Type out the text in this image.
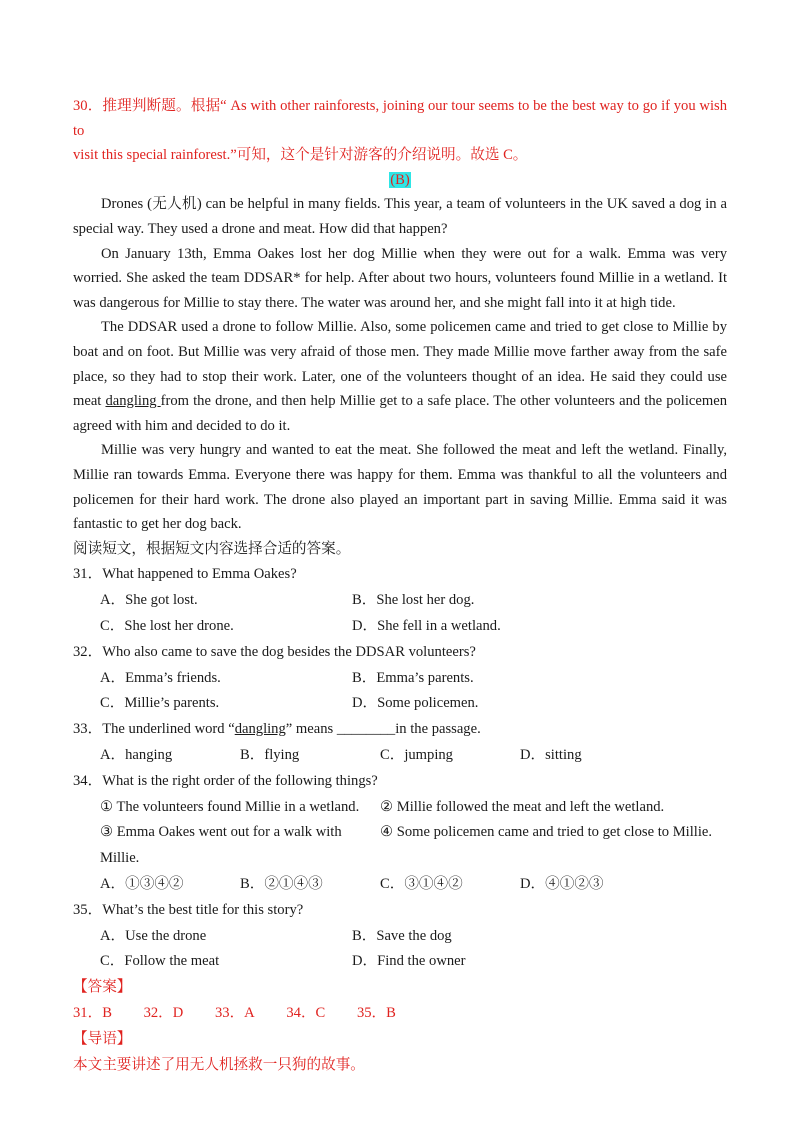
30．推理判断题。根据“ As with other rainforests, joining our tour seems to be the best way to go if you wish to

visit this special rainforest.”可知，这个是针对游客的介绍说明。故选 C。

(B)

Drones (无人机) can be helpful in many fields. This year, a team of volunteers in the UK saved a dog in a special way. They used a drone and meat. How did that happen?

On January 13th, Emma Oakes lost her dog Millie when they were out for a walk. Emma was very worried. She asked the team DDSAR* for help. After about two hours, volunteers found Millie in a wetland. It was dangerous for Millie to stay there. The water was around her, and she might fall into it at high tide.

The DDSAR used a drone to follow Millie. Also, some policemen came and tried to get close to Millie by boat and on foot. But Millie was very afraid of those men. They made Millie move farther away from the safe place, so they had to stop their work. Later, one of the volunteers thought of an idea. He said they could use meat dangling from the drone, and then help Millie get to a safe place. The other volunteers and the policemen agreed with him and decided to do it.

Millie was very hungry and wanted to eat the meat. She followed the meat and left the wetland. Finally, Millie ran towards Emma. Everyone there was happy for them. Emma was thankful to all the volunteers and policemen for their hard work. The drone also played an important part in saving Millie. Emma said it was fantastic to get her dog back.

阅读短文，根据短文内容选择合适的答案。

31．What happened to Emma Oakes?

A．She got lost.	B．She lost her dog.
C．She lost her drone.	D．She fell in a wetland.

32．Who also came to save the dog besides the DDSAR volunteers?

A．Emma’s friends.	B．Emma’s parents.
C．Millie’s parents.	D．Some policemen.

33．The underlined word “dangling” means ________in the passage.

A．hanging	B．flying	C．jumping	D．sitting

34．What is the right order of the following things?

① The volunteers found Millie in a wetland.	② Millie followed the meat and left the wetland.
③ Emma Oakes went out for a walk with Millie.
④ Some policemen came and tried to get close to Millie.
A．①③④②	B．②①④③	C．③①④②	D．④①②③

35．What’s the best title for this story?

A．Use the drone	B．Save the dog
C．Follow the meat	D．Find the owner

【答案】

31．B 32．D 33．A 34．C 35．B

【导语】

本文主要讲述了用无人机拯救一只狗的故事。
